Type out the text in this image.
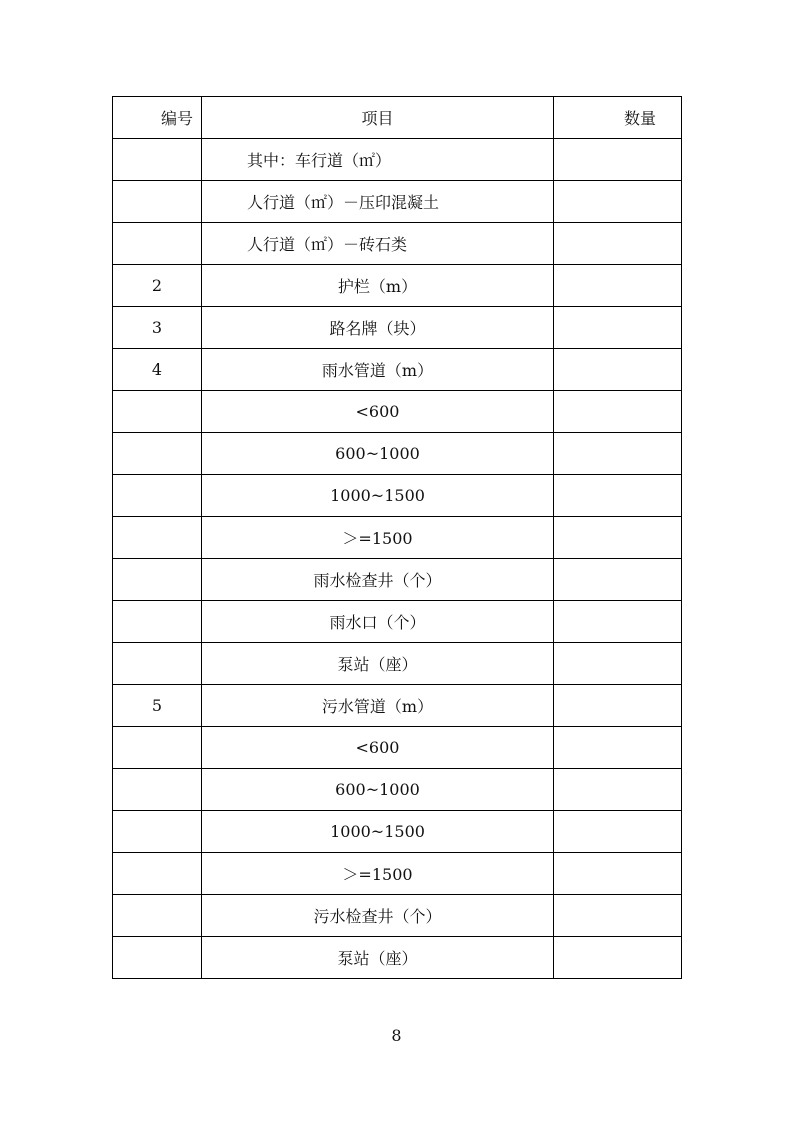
编号	项目	数量
	其中：车行道（㎡）	
	人行道（㎡）－压印混凝土	
	人行道（㎡）－砖石类	
2	护栏（m）	
3	路名牌（块）	
4	雨水管道（m）	
	<600	
	600~1000	
	1000~1500	
	＞=1500	
	雨水检查井（个）	
	雨水口（个）	
	泵站（座）	
5	污水管道（m）	
	<600	
	600~1000	
	1000~1500	
	＞=1500	
	污水检查井（个）	
	泵站（座）	
8
